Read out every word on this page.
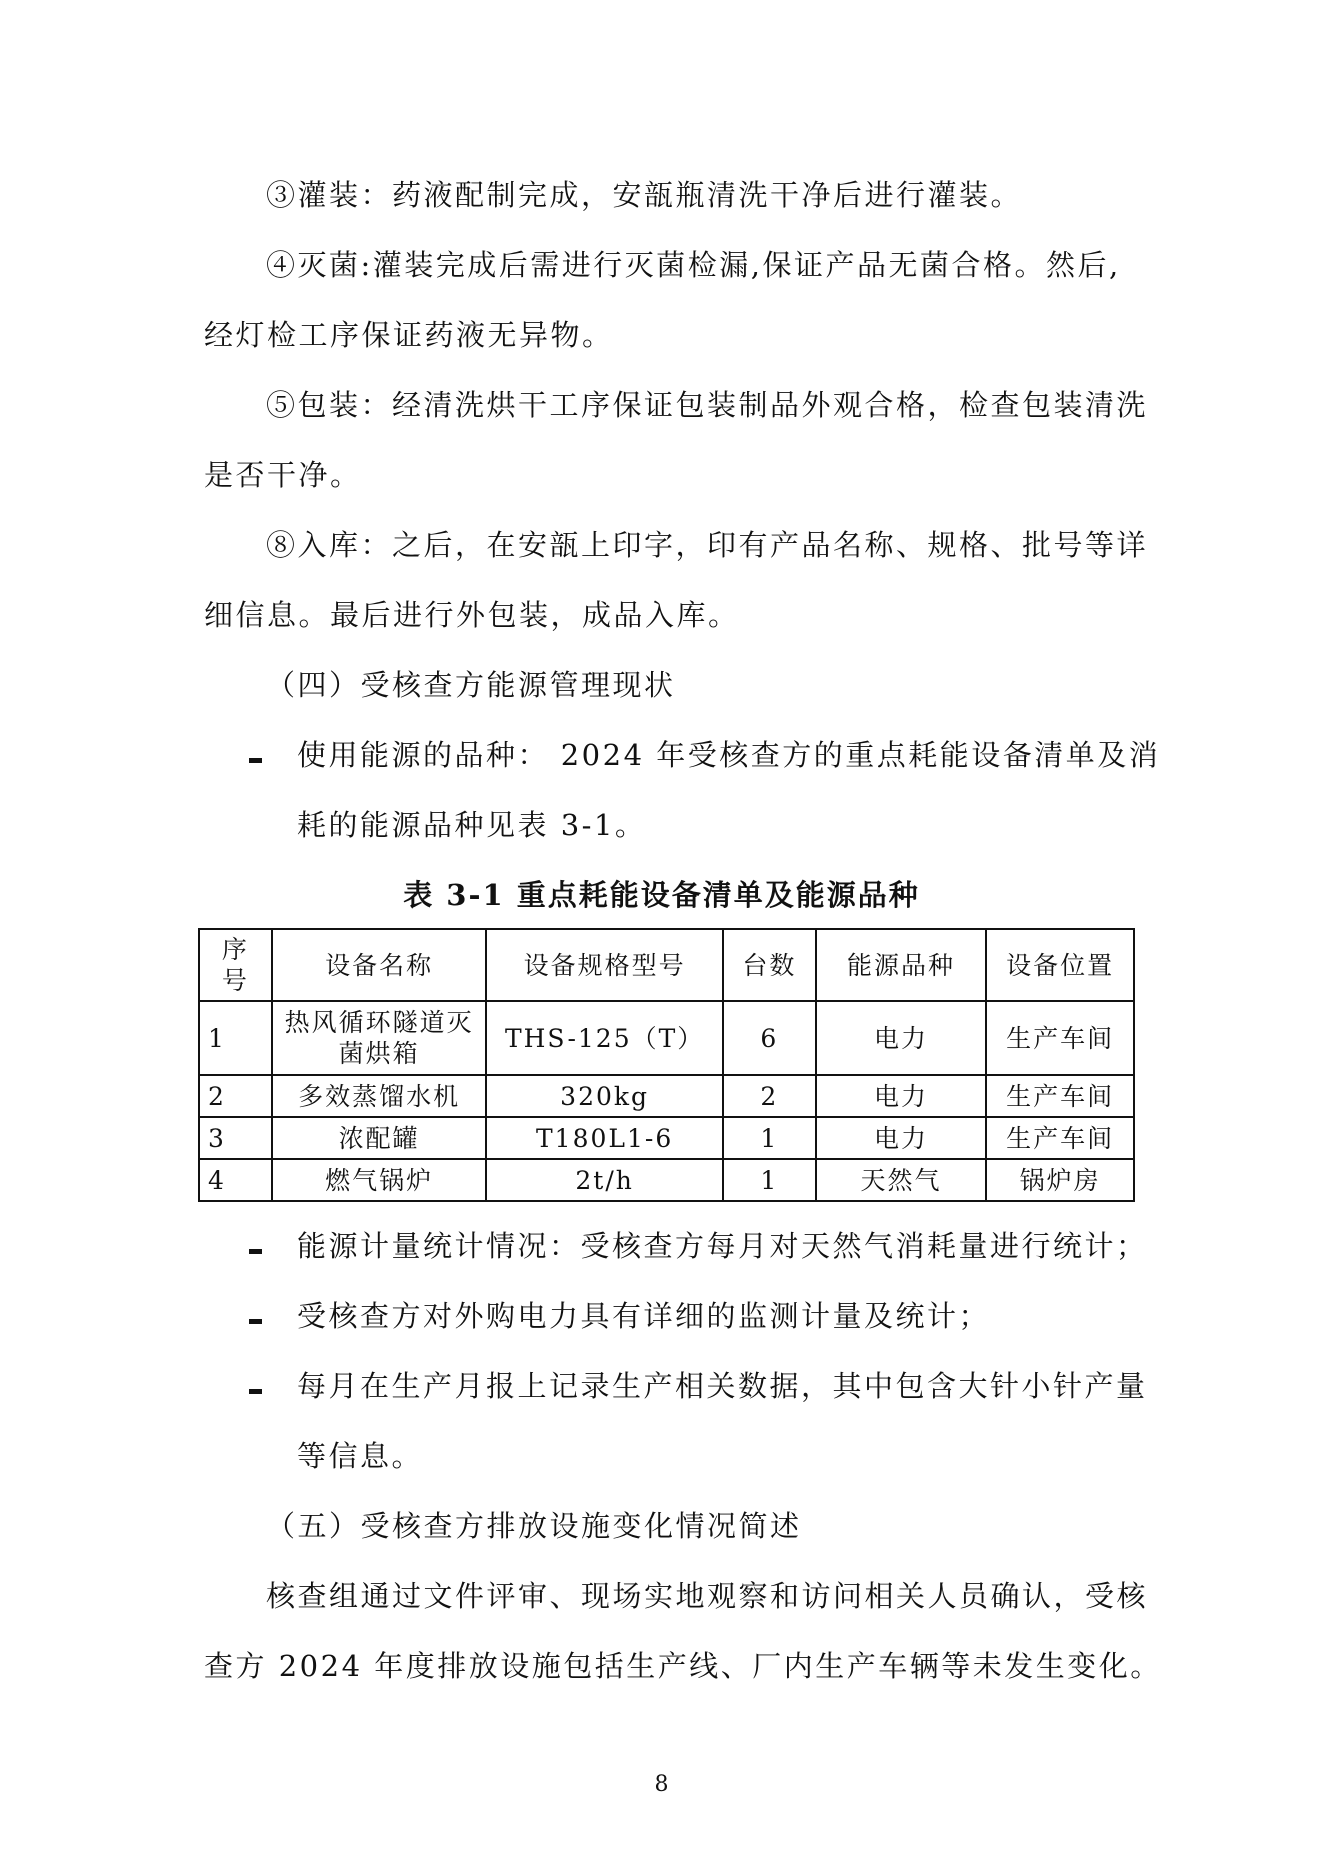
③灌装：药液配制完成，安瓿瓶清洗干净后进行灌装。
④灭菌:灌装完成后需进行灭菌检漏,保证产品无菌合格。然后,
经灯检工序保证药液无异物。
⑤包装：经清洗烘干工序保证包装制品外观合格，检查包装清洗
是否干净。
⑧入库：之后，在安瓿上印字，印有产品名称、规格、批号等详
细信息。最后进行外包装，成品入库。
（四）受核查方能源管理现状
使用能源的品种： 2024 年受核查方的重点耗能设备清单及消
耗的能源品种见表 3-1。
表 3-1 重点耗能设备清单及能源品种
序
号	设备名称	设备规格型号	台数	能源品种	设备位置
1	热风循环隧道灭
菌烘箱	THS-125（T）	6	电力	生产车间
2	多效蒸馏水机	320kg	2	电力	生产车间
3	浓配罐	T180L1-6	1	电力	生产车间
4	燃气锅炉	2t/h	1	天然气	锅炉房
能源计量统计情况：受核查方每月对天然气消耗量进行统计；
受核查方对外购电力具有详细的监测计量及统计；
每月在生产月报上记录生产相关数据，其中包含大针小针产量
等信息。
（五）受核查方排放设施变化情况简述
核查组通过文件评审、现场实地观察和访问相关人员确认，受核
查方 2024 年度排放设施包括生产线、厂内生产车辆等未发生变化。
8
